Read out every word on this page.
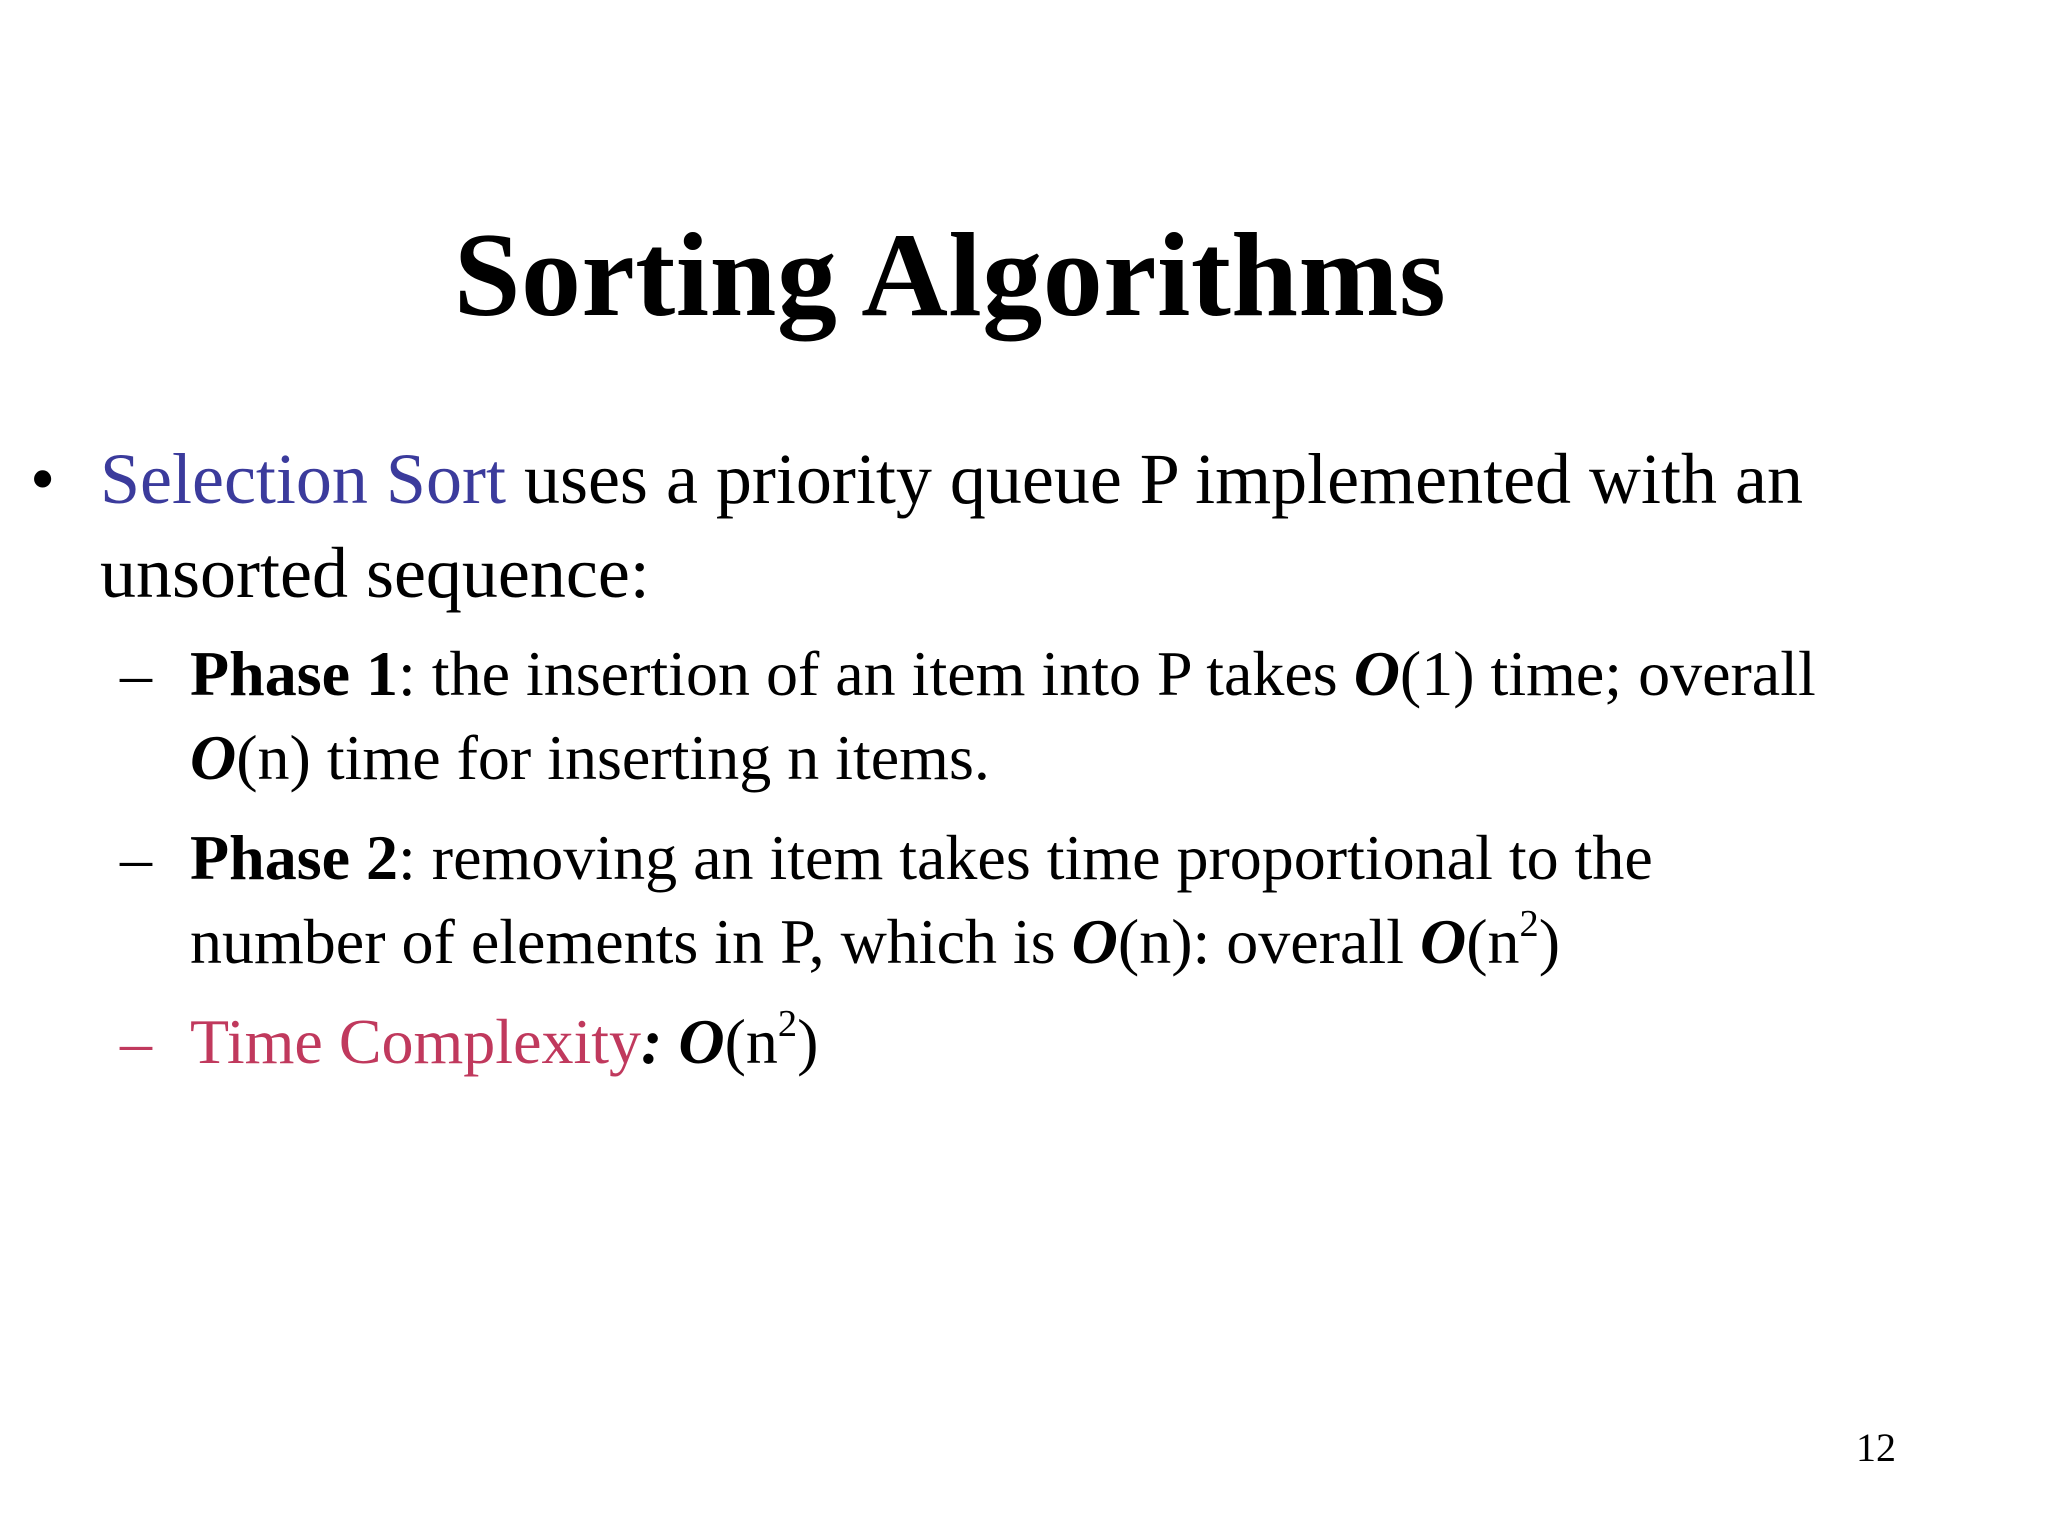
Sorting Algorithms
• Selection Sort uses a priority queue P implemented with an unsorted sequence:
– Phase 1: the insertion of an item into P takes O(1) time; overall O(n) time for inserting n items.
– Phase 2: removing an item takes time proportional to the number of elements in P, which is O(n): overall $O(n^2)$
– Time Complexity: $O(n^2)$
12
